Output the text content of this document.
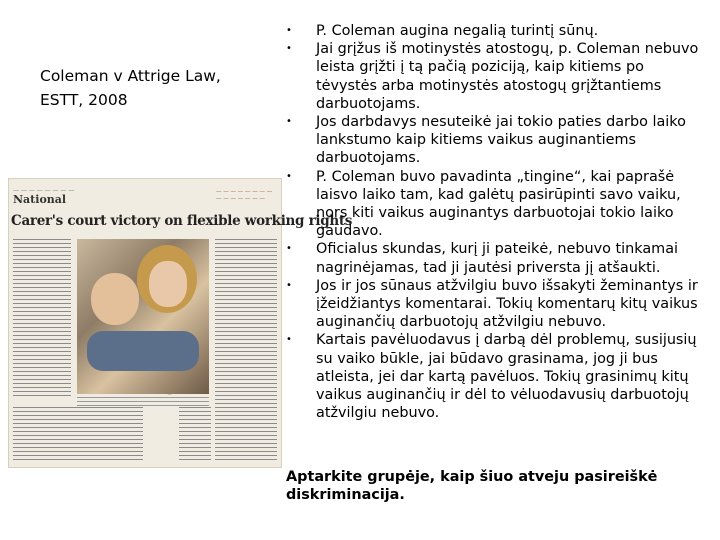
Coleman v Attrige Law, ESTT, 2008
— — — — — — — —
National
— — — — — — — —
— — — — — — —
Carer's court victory on flexible working rights
•	P. Coleman augina negalią turintį sūnų.
•	Jai grįžus iš motinystės atostogų, p. Coleman nebuvo leista grįžti į tą pačią poziciją, kaip kitiems po tėvystės arba motinystės atostogų grįžtantiems darbuotojams.
•	Jos darbdavys nesuteikė jai tokio paties darbo laiko lankstumo kaip kitiems vaikus auginantiems darbuotojams.
•	P. Coleman buvo pavadinta „tingine“, kai paprašė laisvo laiko tam, kad galėtų pasirūpinti savo vaiku, nors kiti vaikus auginantys darbuotojai tokio laiko gaudavo.
•	Oficialus skundas, kurį ji pateikė, nebuvo tinkamai nagrinėjamas, tad ji jautėsi priversta jį atšaukti.
•	Jos ir jos sūnaus atžvilgiu buvo išsakyti žeminantys ir įžeidžiantys komentarai. Tokių komentarų kitų vaikus auginančių darbuotojų atžvilgiu nebuvo.
•	Kartais pavėluodavus į darbą dėl problemų, susijusių su vaiko būkle, jai būdavo grasinama, jog ji bus atleista, jei dar kartą pavėluos. Tokių grasinimų kitų vaikus auginančių ir dėl to vėluodavusių darbuotojų atžvilgiu nebuvo.

Aptarkite grupėje, kaip šiuo atveju pasireiškė diskriminacija.
